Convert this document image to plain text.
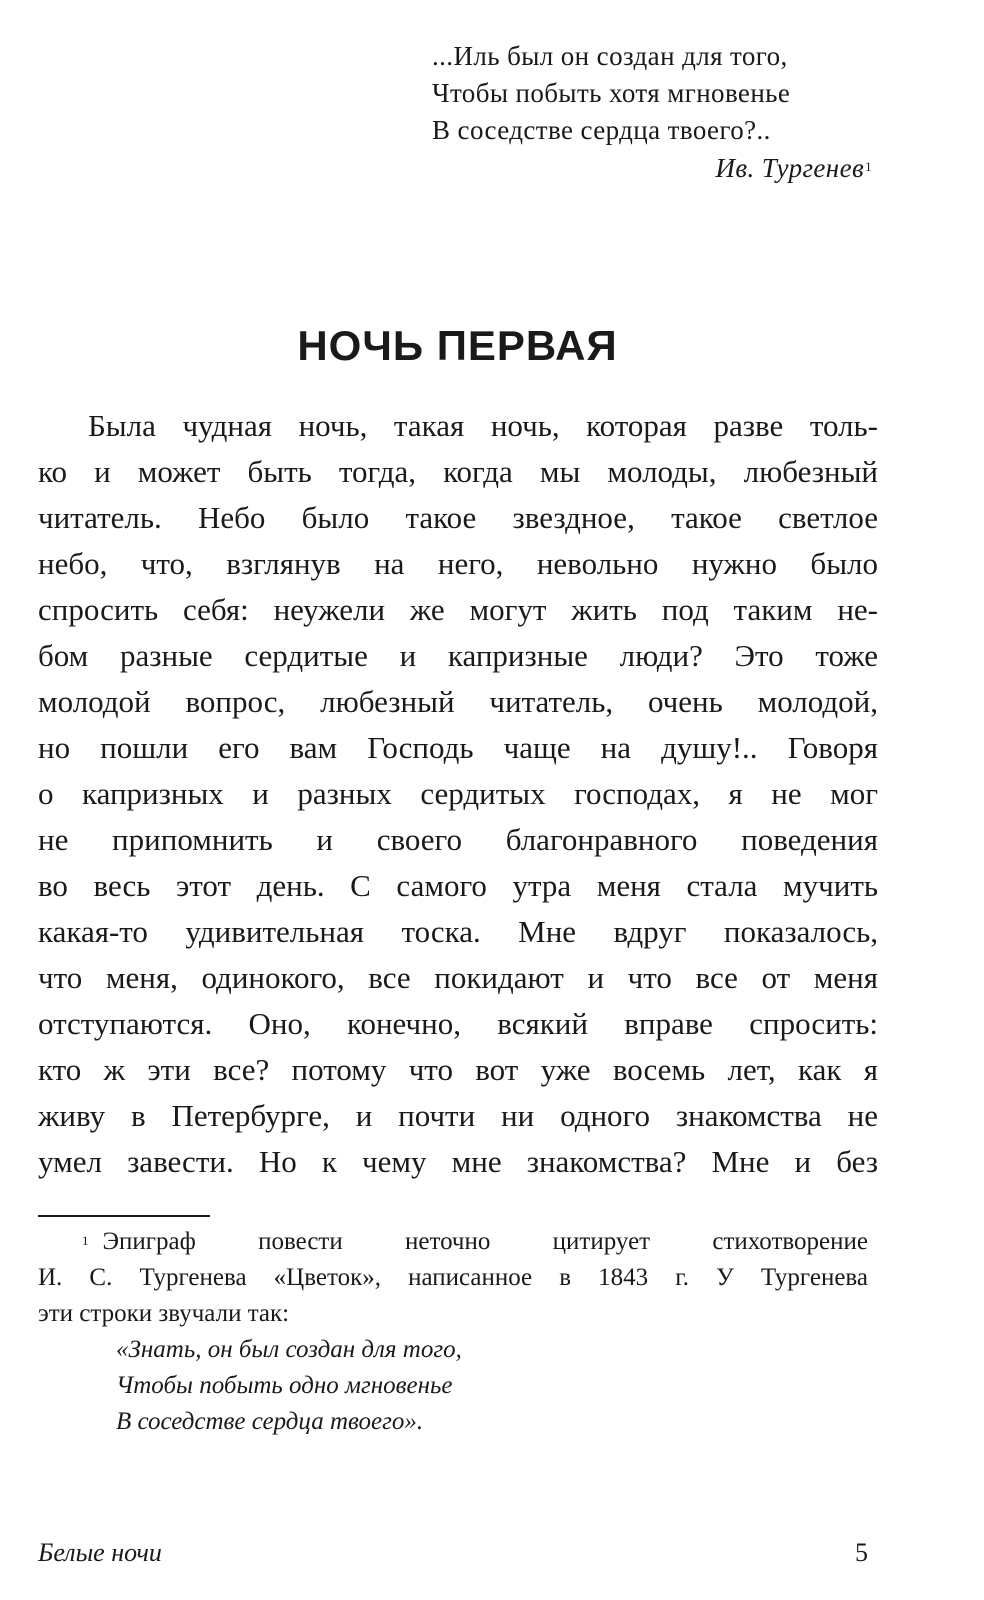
...Иль был он создан для того,
Чтобы побыть хотя мгновенье
В соседстве сердца твоего?..
Ив. Тургенев$^1$
НОЧЬ ПЕРВАЯ
Была чудная ночь, такая ночь, которая разве толь-
ко и может быть тогда, когда мы молоды, любезный
читатель. Небо было такое звездное, такое светлое
небо, что, взглянув на него, невольно нужно было
спросить себя: неужели же могут жить под таким не-
бом разные сердитые и капризные люди? Это тоже
молодой вопрос, любезный читатель, очень молодой,
но пошли его вам Господь чаще на душу!.. Говоря
о капризных и разных сердитых господах, я не мог
не припомнить и своего благонравного поведения
во весь этот день. С самого утра меня стала мучить
какая-то удивительная тоска. Мне вдруг показалось,
что меня, одинокого, все покидают и что все от меня
отступаются. Оно, конечно, всякий вправе спросить:
кто ж эти все? потому что вот уже восемь лет, как я
живу в Петербурге, и почти ни одного знакомства не
умел завести. Но к чему мне знакомства? Мне и без
$^1$ Эпиграф повести неточно цитирует стихотворение
И. С. Тургенева «Цветок», написанное в 1843 г. У Тургенева
эти строки звучали так:
«Знать, он был создан для того,
Чтобы побыть одно мгновенье
В соседстве сердца твоего».
Белые ночи	5
